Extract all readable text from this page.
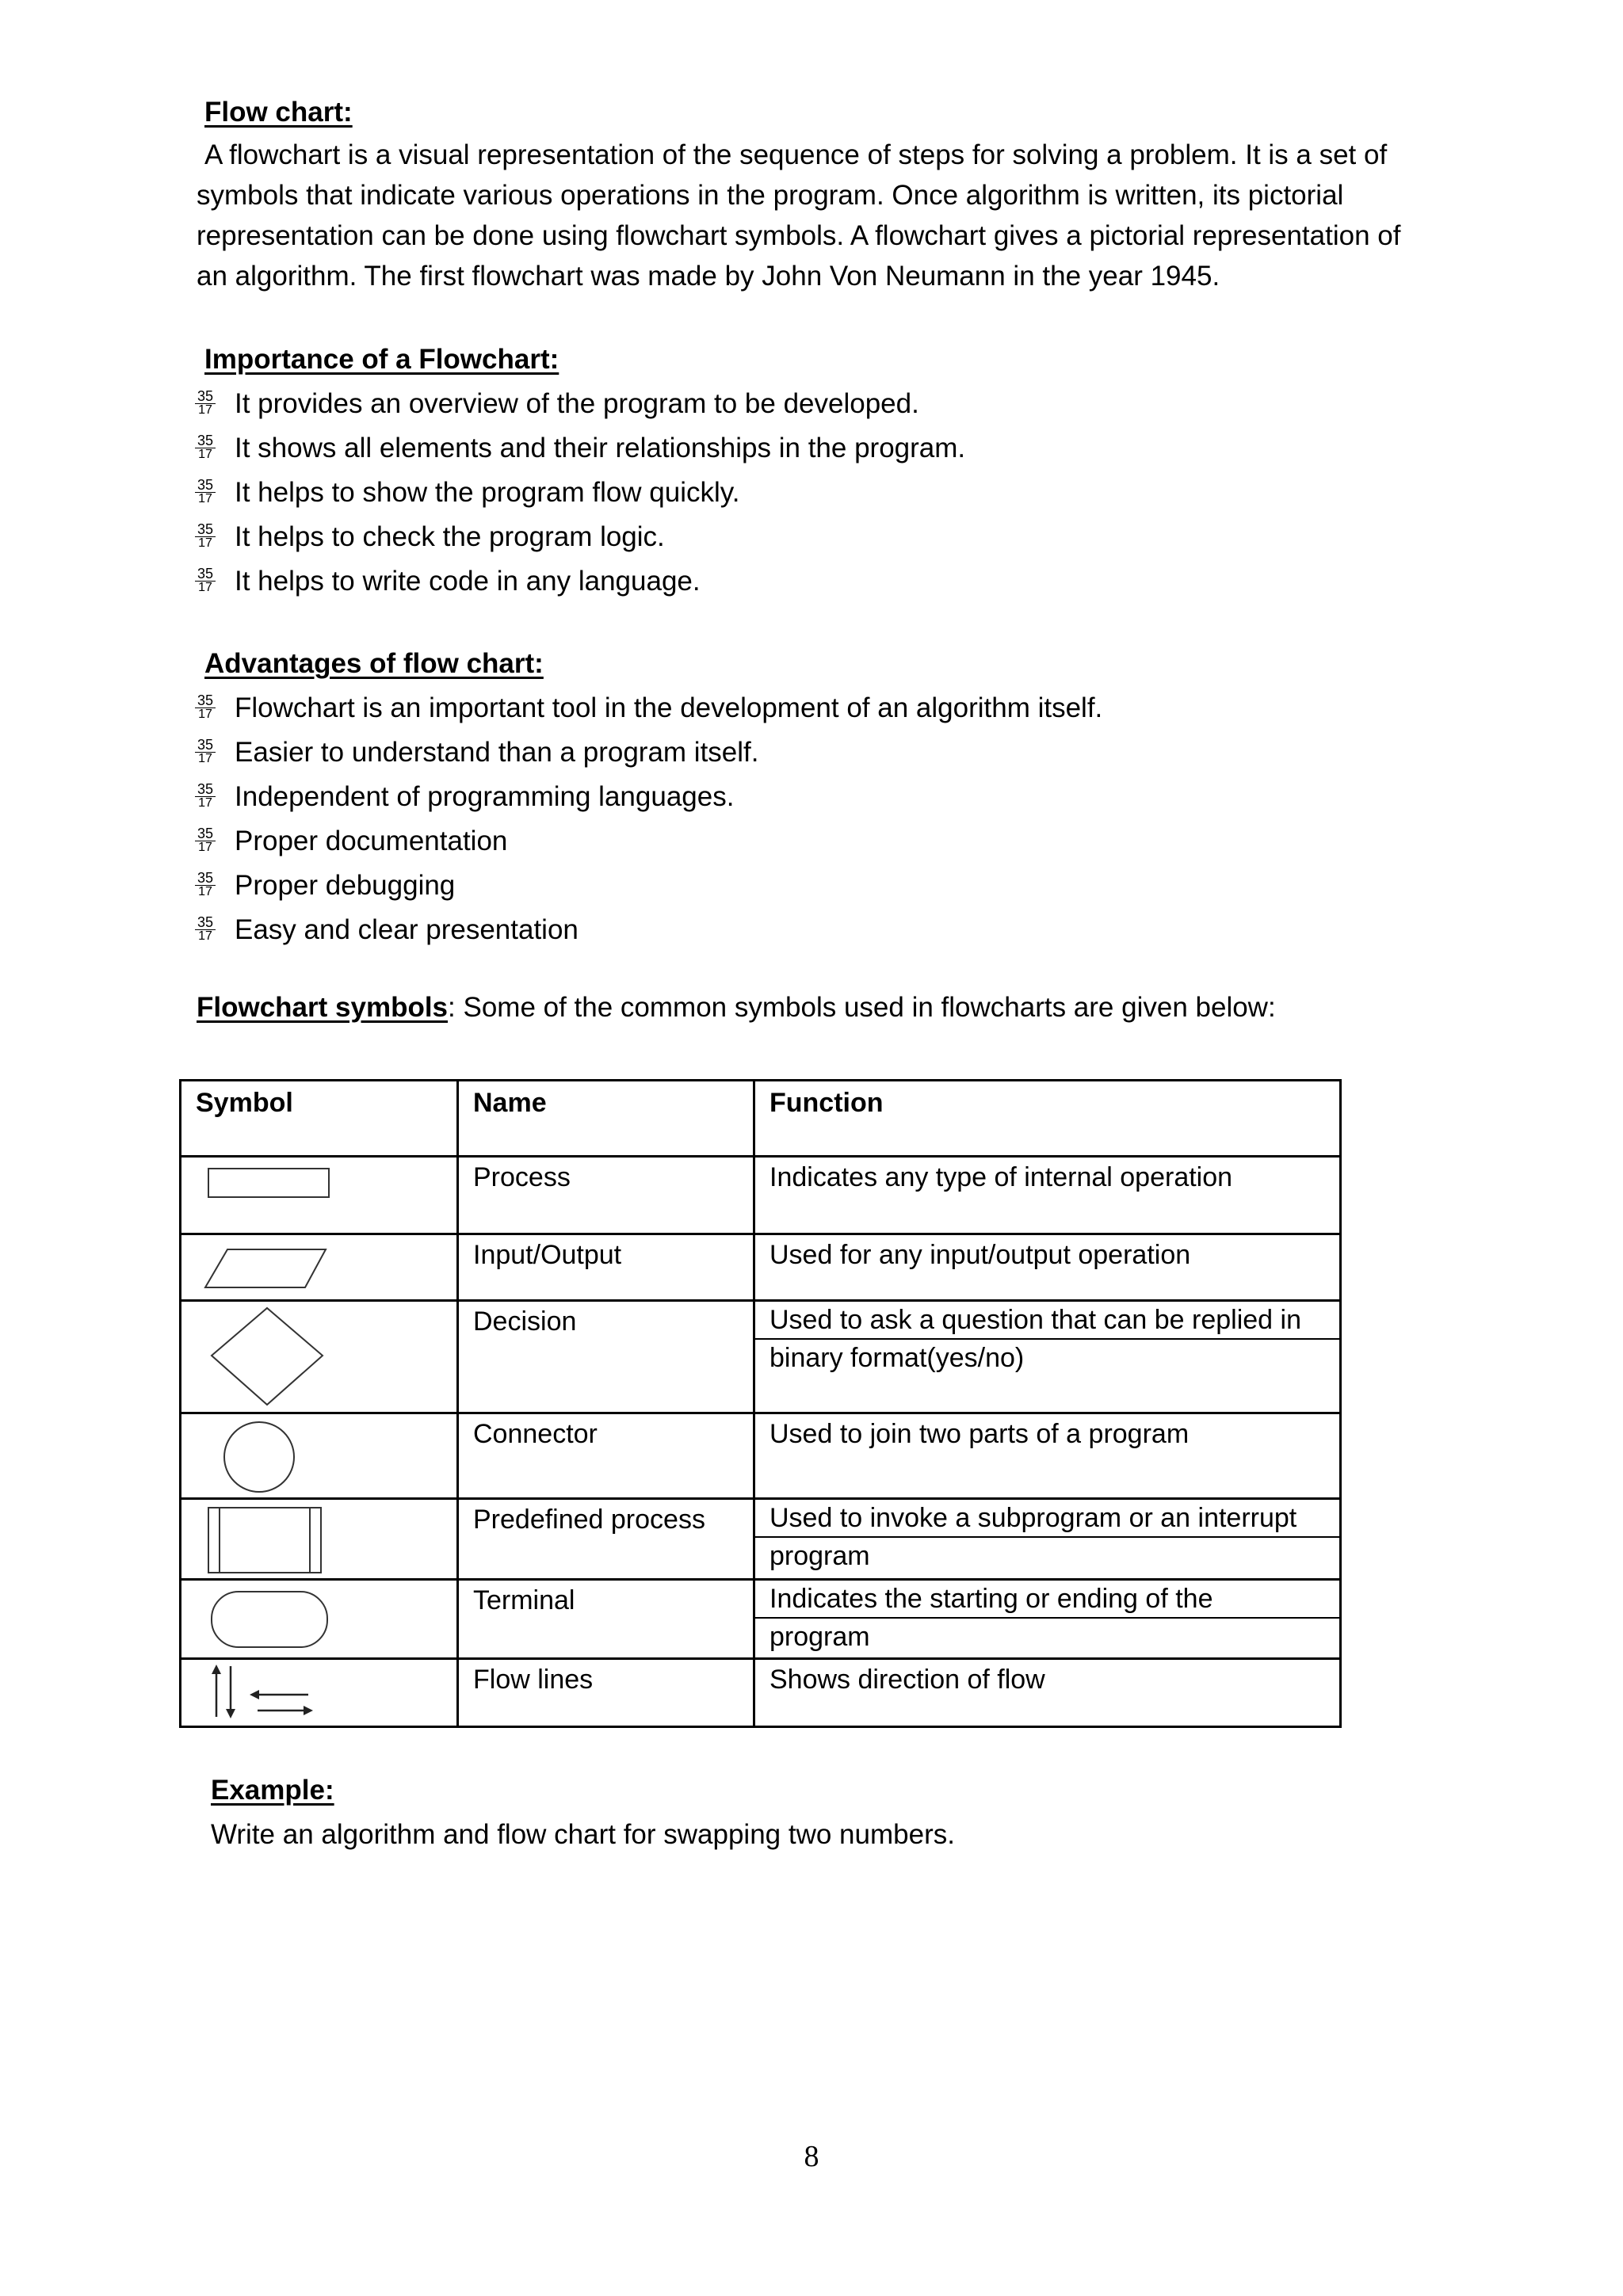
Flow chart:
A flowchart is a visual representation of the sequence of steps for solving a problem. It is a set of
symbols that indicate various operations in the program. Once algorithm is written, its pictorial
representation can be done using flowchart symbols. A flowchart gives a pictorial representation of
an algorithm. The first flowchart was made by John Von Neumann in the year 1945.
Importance of a Flowchart:
$\frac{35}{17}$ It provides an overview of the program to be developed.
$\frac{35}{17}$ It shows all elements and their relationships in the program.
$\frac{35}{17}$ It helps to show the program flow quickly.
$\frac{35}{17}$ It helps to check the program logic.
$\frac{35}{17}$ It helps to write code in any language.
Advantages of flow chart:
$\frac{35}{17}$ Flowchart is an important tool in the development of an algorithm itself.
$\frac{35}{17}$ Easier to understand than a program itself.
$\frac{35}{17}$ Independent of programming languages.
$\frac{35}{17}$ Proper documentation
$\frac{35}{17}$ Proper debugging
$\frac{35}{17}$ Easy and clear presentation
Flowchart symbols: Some of the common symbols used in flowcharts are given below:
Symbol	Name	Function

Process	Indicates any type of internal operation

Input/Output	Used for any input/output operation

Decision	Used to ask a question that can be replied in
binary format(yes/no)

Connector	Used to join two parts of a program

Predefined process	Used to invoke a subprogram or an interrupt
program

Terminal	Indicates the starting or ending of the
program

Flow lines	Shows direction of flow
Example:
Write an algorithm and flow chart for swapping two numbers.
8
